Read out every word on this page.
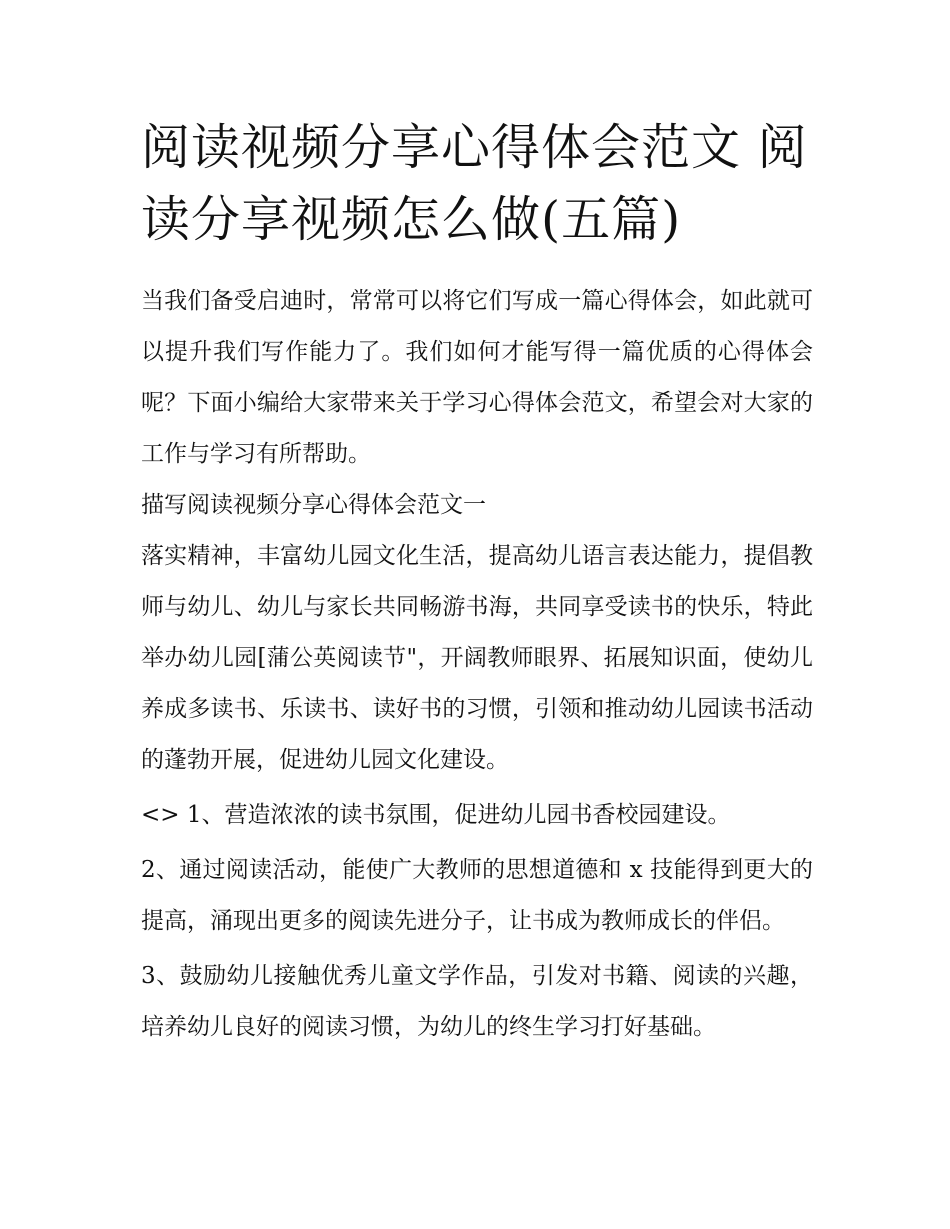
阅读视频分享心得体会范文 阅读分享视频怎么做(五篇)

当我们备受启迪时，常常可以将它们写成一篇心得体会，如此就可以提升我们写作能力了。我们如何才能写得一篇优质的心得体会呢？下面小编给大家带来关于学习心得体会范文，希望会对大家的工作与学习有所帮助。

描写阅读视频分享心得体会范文一

落实精神，丰富幼儿园文化生活，提高幼儿语言表达能力，提倡教师与幼儿、幼儿与家长共同畅游书海，共同享受读书的快乐，特此举办幼儿园[蒲公英阅读节"，开阔教师眼界、拓展知识面，使幼儿养成多读书、乐读书、读好书的习惯，引领和推动幼儿园读书活动的蓬勃开展，促进幼儿园文化建设。

<> 1、营造浓浓的读书氛围，促进幼儿园书香校园建设。

2、通过阅读活动，能使广大教师的思想道德和 x 技能得到更大的提高，涌现出更多的阅读先进分子，让书成为教师成长的伴侣。

3、鼓励幼儿接触优秀儿童文学作品，引发对书籍、阅读的兴趣，培养幼儿良好的阅读习惯，为幼儿的终生学习打好基础。
